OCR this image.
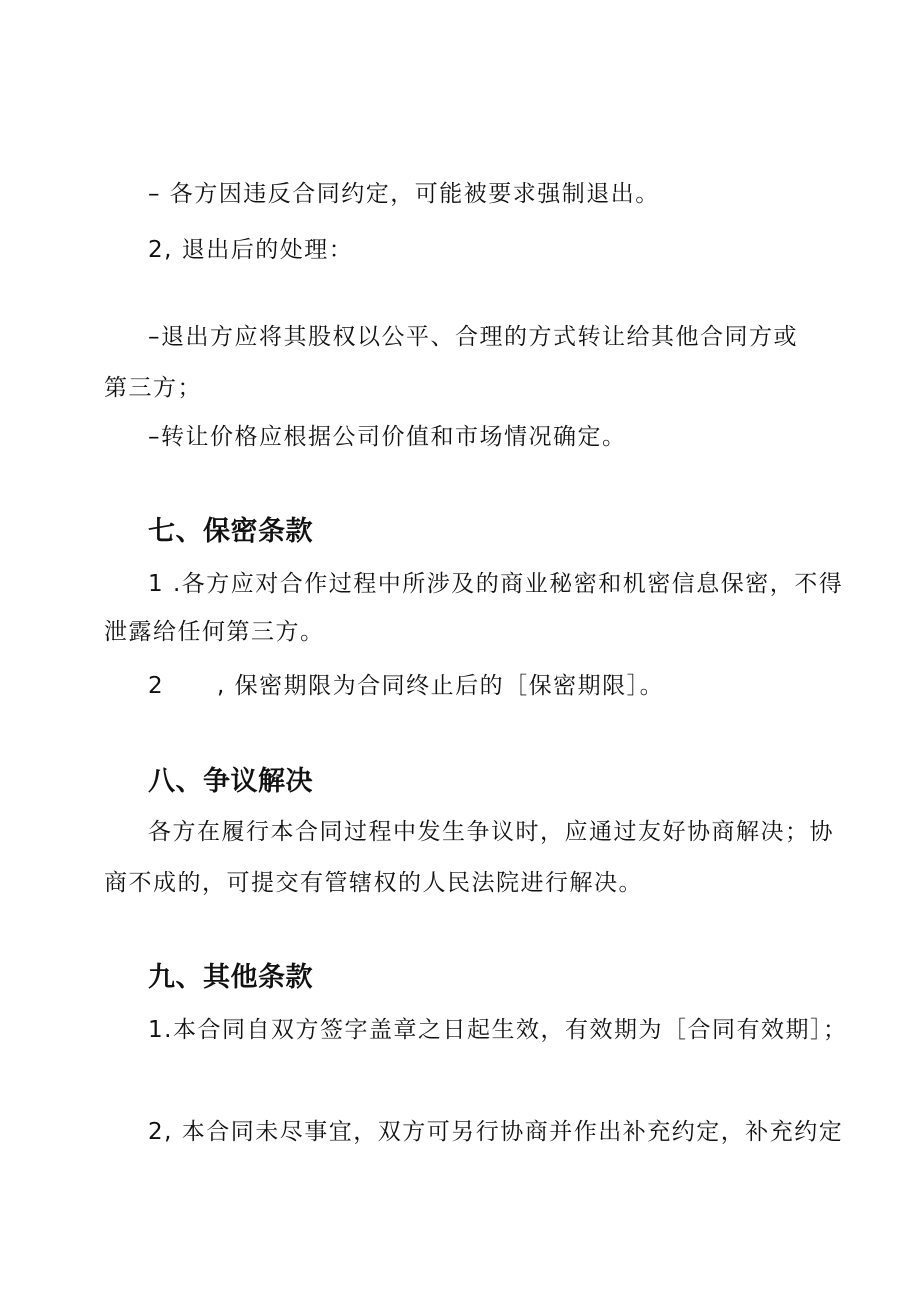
– 各方因违反合同约定，可能被要求强制退出。
2, 退出后的处理：
–退出方应将其股权以公平、合理的方式转让给其他合同方或
第三方；
–转让价格应根据公司价值和市场情况确定。
七、保密条款
1 .各方应对合作过程中所涉及的商业秘密和机密信息保密，不得
泄露给任何第三方。
2      , 保密期限为合同终止后的［保密期限］。
八、争议解决
各方在履行本合同过程中发生争议时，应通过友好协商解决；协
商不成的，可提交有管辖权的人民法院进行解决。
九、其他条款
1.本合同自双方签字盖章之日起生效，有效期为［合同有效期］；
2, 本合同未尽事宜，双方可另行协商并作出补充约定，补充约定
